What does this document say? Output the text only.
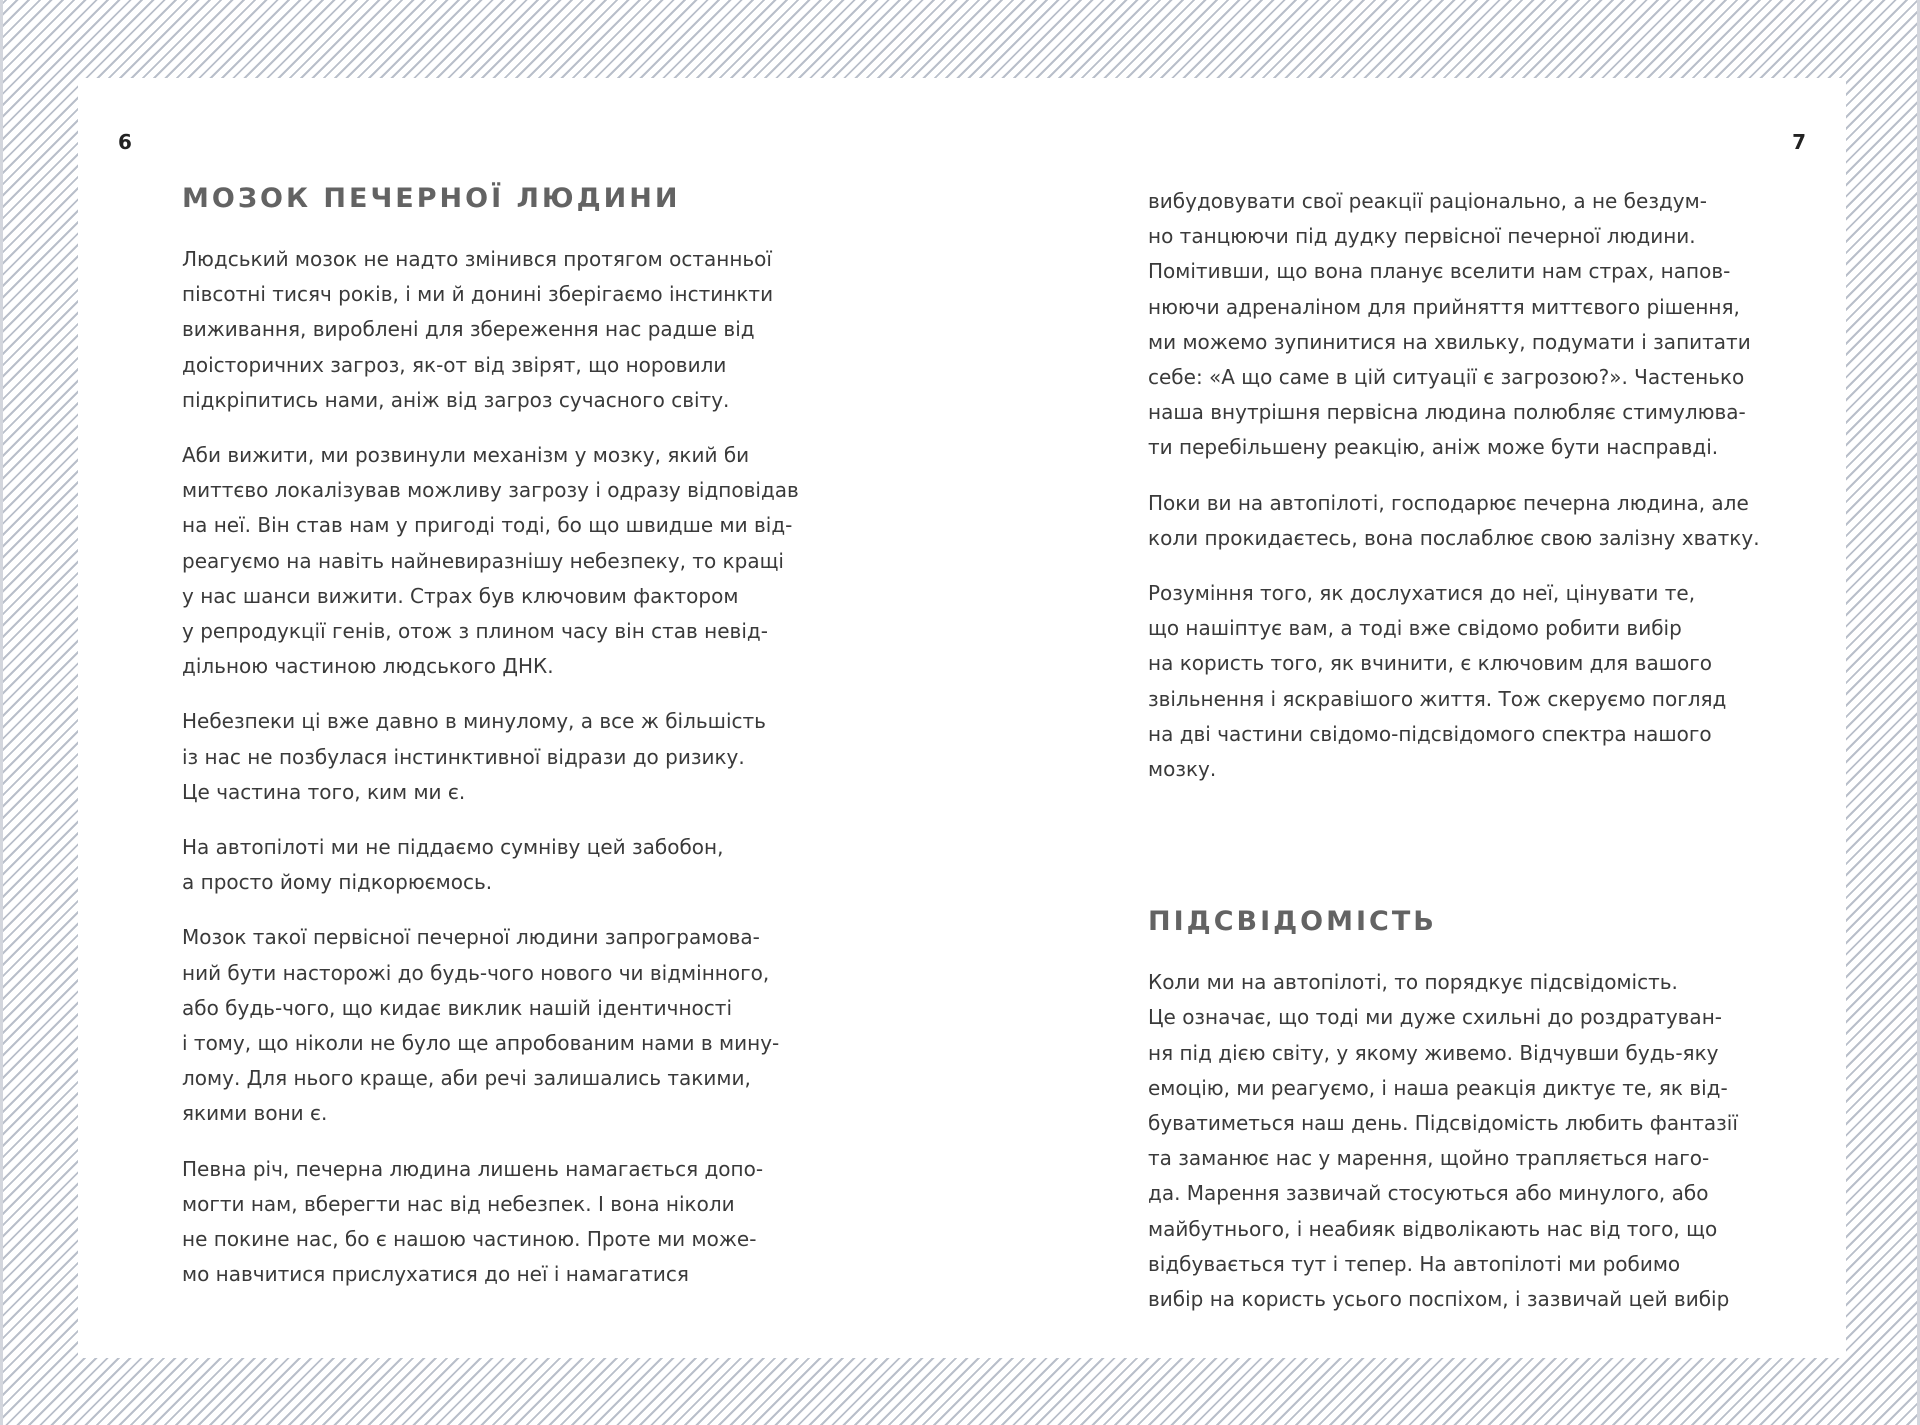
6	7

МОЗОК ПЕЧЕРНОЇ ЛЮДИНИ

Людський мозок не надто змінився протягом останньої
півсотні тисяч років, і ми й донині зберігаємо інстинкти
виживання, вироблені для збереження нас радше від
доісторичних загроз, як-от від звірят, що норовили
підкріпитись нами, аніж від загроз сучасного світу.

Аби вижити, ми розвинули механізм у мозку, який би
миттєво локалізував можливу загрозу і одразу відповідав
на неї. Він став нам у пригоді тоді, бо що швидше ми від-
реагуємо на навіть найневиразнішу небезпеку, то кращі
у нас шанси вижити. Страх був ключовим фактором
у репродукції генів, отож з плином часу він став невід-
дільною частиною людського ДНК.

Небезпеки ці вже давно в минулому, а все ж більшість
із нас не позбулася інстинктивної відрази до ризику.
Це частина того, ким ми є.

На автопілоті ми не піддаємо сумніву цей забобон,
а просто йому підкорюємось.

Мозок такої первісної печерної людини запрограмова-
ний бути насторожі до будь-чого нового чи відмінного,
або будь-чого, що кидає виклик нашій ідентичності
і тому, що ніколи не було ще апробованим нами в мину-
лому. Для нього краще, аби речі залишались такими,
якими вони є.

Певна річ, печерна людина лишень намагається допо-
могти нам, вберегти нас від небезпек. І вона ніколи
не покине нас, бо є нашою частиною. Проте ми може-
мо навчитися прислухатися до неї і намагатися

вибудовувати свої реакції раціонально, а не бездум-
но танцюючи під дудку первісної печерної людини.
Помітивши, що вона планує вселити нам страх, напов-
нюючи адреналіном для прийняття миттєвого рішення,
ми можемо зупинитися на хвильку, подумати і запитати
себе: «А що саме в цій ситуації є загрозою?». Частенько
наша внутрішня первісна людина полюбляє стимулюва-
ти перебільшену реакцію, аніж може бути насправді.

Поки ви на автопілоті, господарює печерна людина, але
коли прокидаєтесь, вона послаблює свою залізну хватку.

Розуміння того, як дослухатися до неї, цінувати те,
що нашіптує вам, а тоді вже свідомо робити вибір
на користь того, як вчинити, є ключовим для вашого
звільнення і яскравішого життя. Тож скеруємо погляд
на дві частини свідомо-підсвідомого спектра нашого
мозку.

ПІДСВІДОМІСТЬ

Коли ми на автопілоті, то порядкує підсвідомість.
Це означає, що тоді ми дуже схильні до роздратуван-
ня під дією світу, у якому живемо. Відчувши будь-яку
емоцію, ми реагуємо, і наша реакція диктує те, як від-
буватиметься наш день. Підсвідомість любить фантазії
та заманює нас у марення, щойно трапляється наго-
да. Марення зазвичай стосуються або минулого, або
майбутнього, і неабияк відволікають нас від того, що
відбувається тут і тепер. На автопілоті ми робимо
вибір на користь усього поспіхом, і зазвичай цей вибір
